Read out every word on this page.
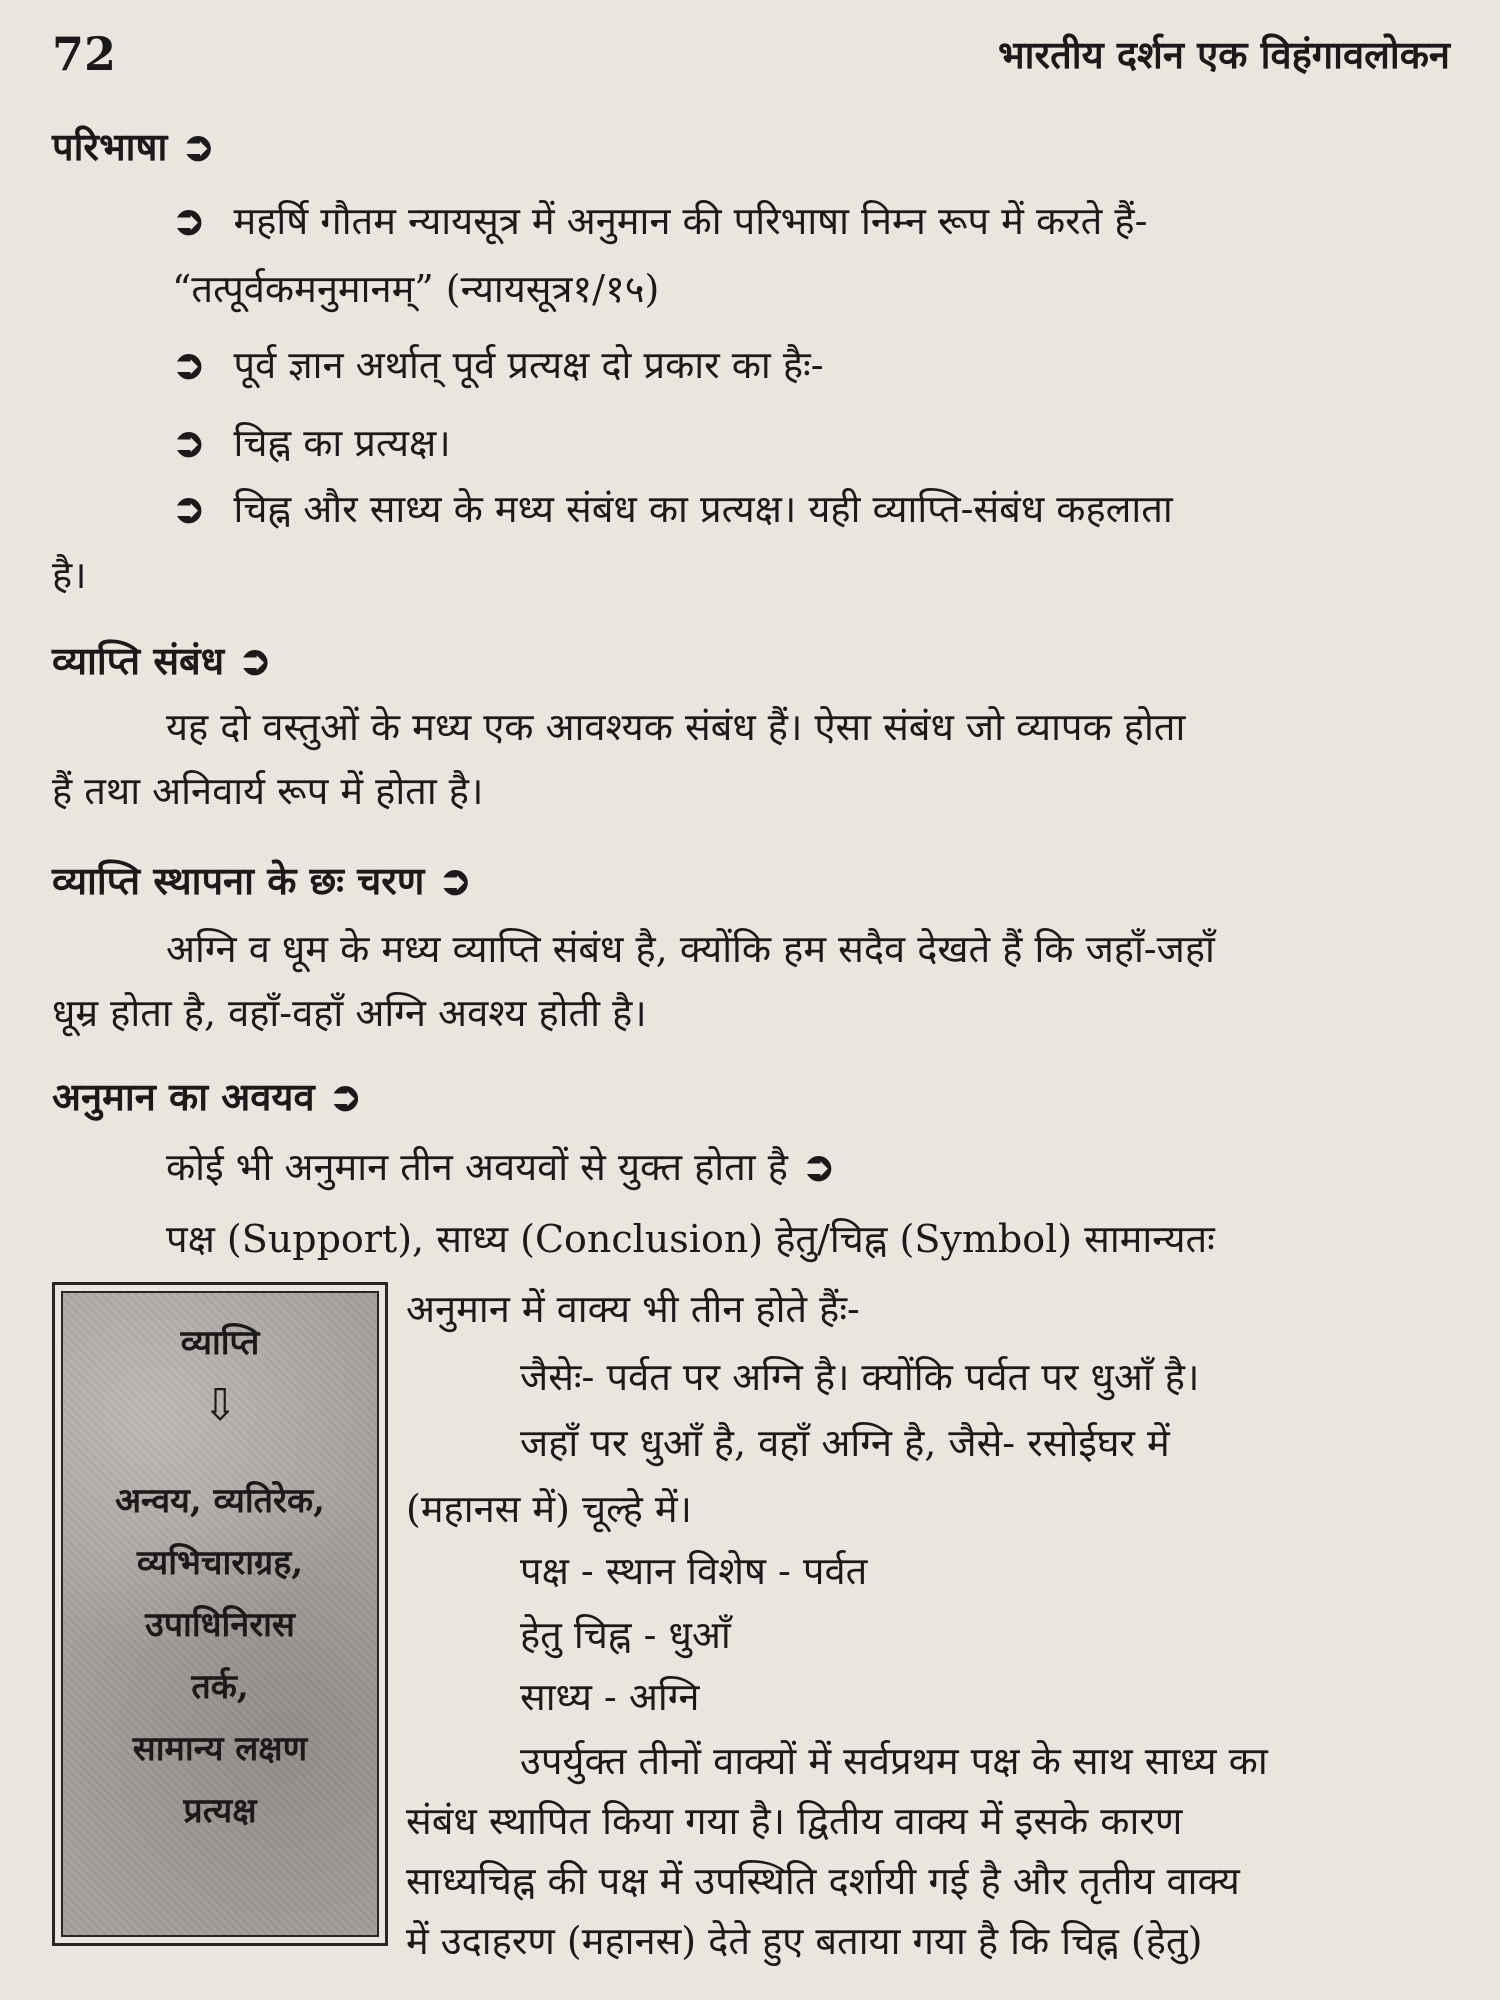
72	भारतीय दर्शन एक विहंगावलोकन
परिभाषा ➲
➲ महर्षि गौतम न्यायसूत्र में अनुमान की परिभाषा निम्न रूप में करते हैं-
“तत्पूर्वकमनुमानम्” (न्यायसूत्र१/१५)
➲ पूर्व ज्ञान अर्थात् पूर्व प्रत्यक्ष दो प्रकार का हैः-
➲ चिह्न का प्रत्यक्ष।
➲ चिह्न और साध्य के मध्य संबंध का प्रत्यक्ष। यही व्याप्ति-संबंध कहलाता
है।
व्याप्ति संबंध ➲
यह दो वस्तुओं के मध्य एक आवश्यक संबंध हैं। ऐसा संबंध जो व्यापक होता
हैं तथा अनिवार्य रूप में होता है।
व्याप्ति स्थापना के छः चरण ➲
अग्नि व धूम के मध्य व्याप्ति संबंध है, क्योंकि हम सदैव देखते हैं कि जहाँ-जहाँ
धूम्र होता है, वहाँ-वहाँ अग्नि अवश्य होती है।
अनुमान का अवयव ➲
कोई भी अनुमान तीन अवयवों से युक्त होता है ➲
पक्ष (Support), साध्य (Conclusion) हेतु/चिह्न (Symbol) सामान्यतः
अनुमान में वाक्य भी तीन होते हैंः-
जैसेः- पर्वत पर अग्नि है। क्योंकि पर्वत पर धुआँ है।
जहाँ पर धुआँ है, वहाँ अग्नि है, जैसे- रसोईघर में
(महानस में) चूल्हे में।
पक्ष - स्थान विशेष - पर्वत
हेतु चिह्न - धुआँ
साध्य - अग्नि
उपर्युक्त तीनों वाक्यों में सर्वप्रथम पक्ष के साथ साध्य का
संबंध स्थापित किया गया है। द्वितीय वाक्य में इसके कारण
साध्यचिह्न की पक्ष में उपस्थिति दर्शायी गई है और तृतीय वाक्य
में उदाहरण (महानस) देते हुए बताया गया है कि चिह्न (हेतु)
व्याप्ति
⇩
अन्वय, व्यतिरेक,
व्यभिचाराग्रह,
उपाधिनिरास
तर्क,
सामान्य लक्षण
प्रत्यक्ष
